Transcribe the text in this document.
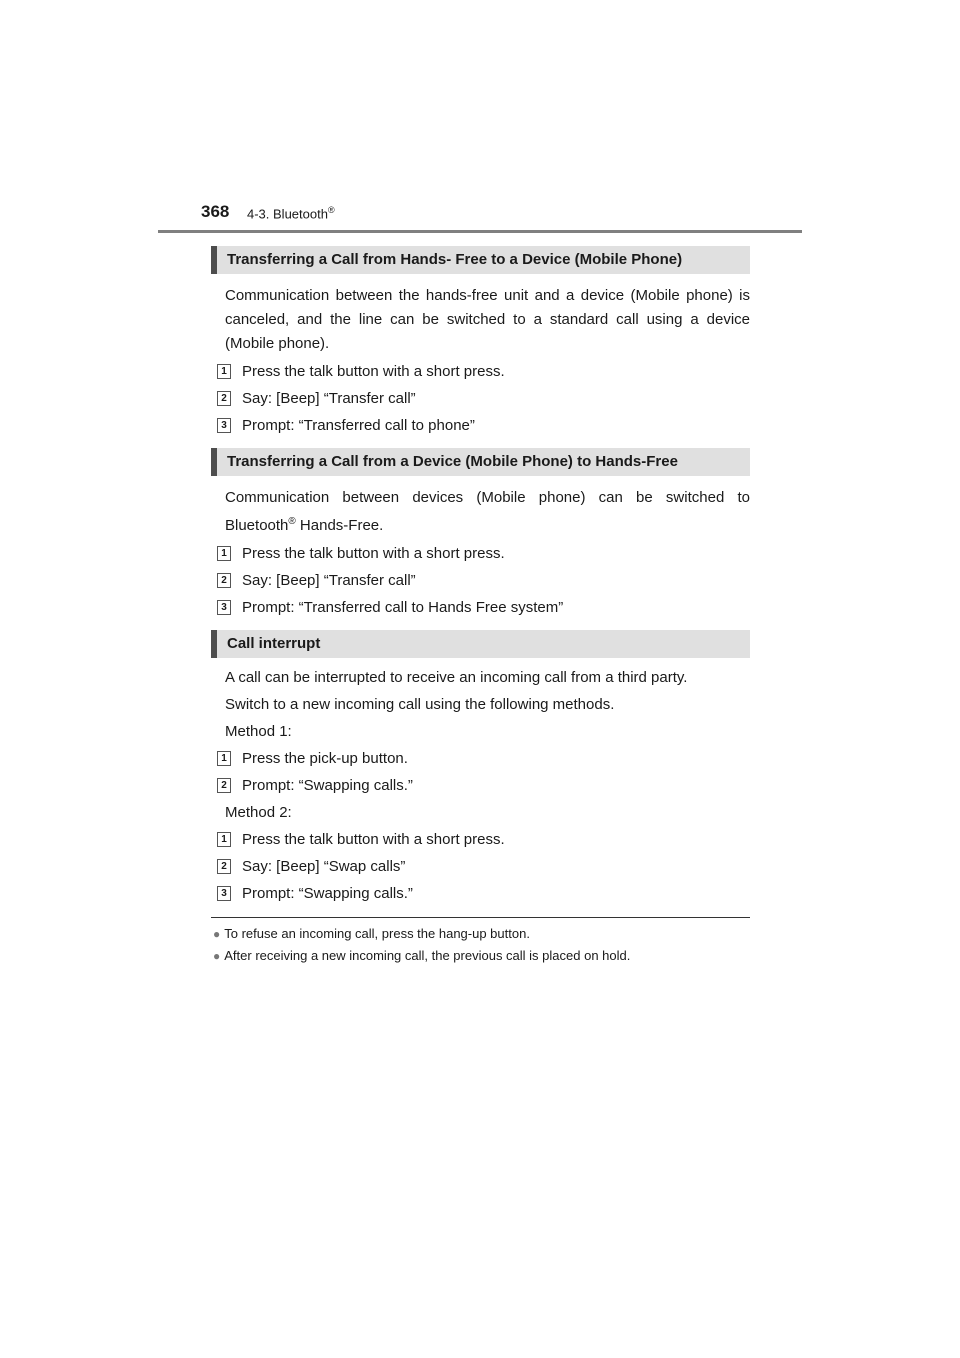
368 4-3. Bluetooth®
Transferring a Call from Hands- Free to a Device (Mobile Phone)
Communication between the hands-free unit and a device (Mobile phone) is canceled, and the line can be switched to a standard call using a device (Mobile phone).
1 Press the talk button with a short press.
2 Say: [Beep] “Transfer call”
3 Prompt: “Transferred call to phone”
Transferring a Call from a Device (Mobile Phone) to Hands-Free
Communication between devices (Mobile phone) can be switched to Bluetooth® Hands-Free.
1 Press the talk button with a short press.
2 Say: [Beep] “Transfer call”
3 Prompt: “Transferred call to Hands Free system”
Call interrupt
A call can be interrupted to receive an incoming call from a third party.
Switch to a new incoming call using the following methods.
Method 1:
1 Press the pick-up button.
2 Prompt: “Swapping calls.”
Method 2:
1 Press the talk button with a short press.
2 Say: [Beep] “Swap calls”
3 Prompt: “Swapping calls.”
● To refuse an incoming call, press the hang-up button.
● After receiving a new incoming call, the previous call is placed on hold.
